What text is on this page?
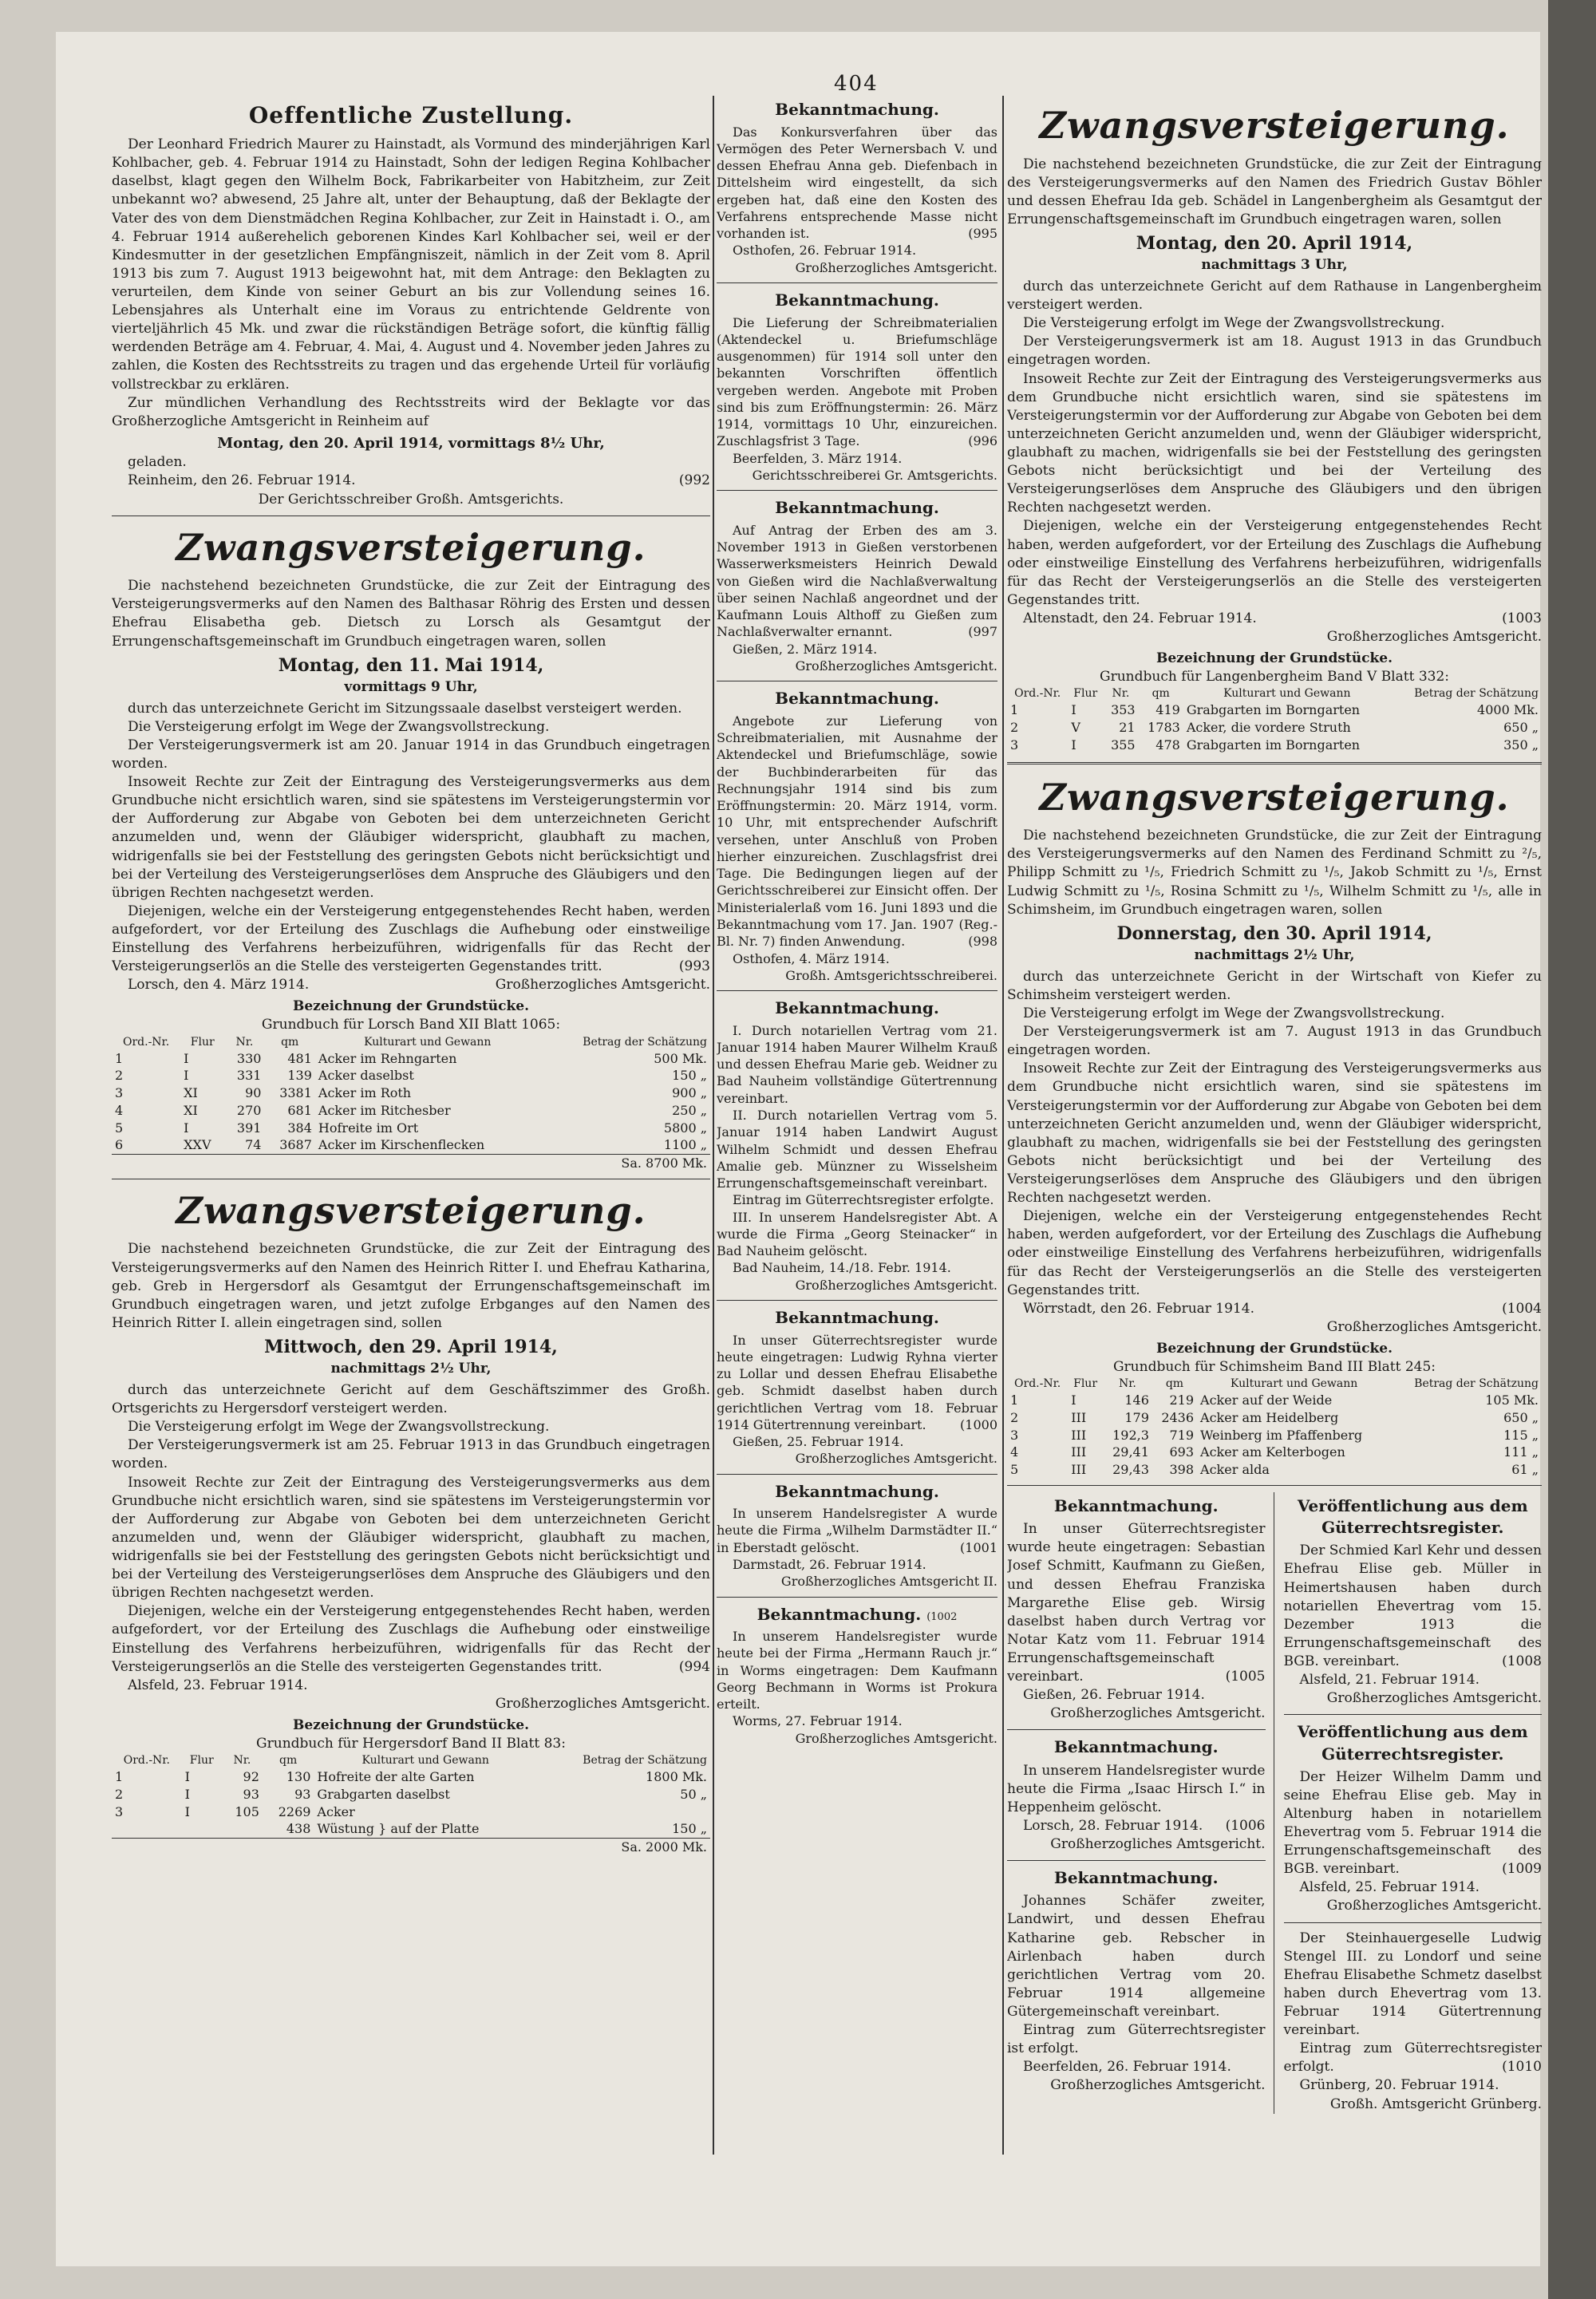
404
Oeffentliche Zustellung.

Der Leonhard Friedrich Maurer zu Hainstadt, als Vormund des minderjährigen Karl Kohlbacher, geb. 4. Februar 1914 zu Hainstadt, Sohn der ledigen Regina Kohlbacher daselbst, klagt gegen den Wilhelm Bock, Fabrikarbeiter von Habitzheim, zur Zeit unbekannt wo? abwesend, 25 Jahre alt, unter der Behauptung, daß der Beklagte der Vater des von dem Dienstmädchen Regina Kohlbacher, zur Zeit in Hainstadt i. O., am 4. Februar 1914 außerehelich geborenen Kindes Karl Kohlbacher sei, weil er der Kindesmutter in der gesetzlichen Empfängniszeit, nämlich in der Zeit vom 8. April 1913 bis zum 7. August 1913 beigewohnt hat, mit dem Antrage: den Beklagten zu verurteilen, dem Kinde von seiner Geburt an bis zur Vollendung seines 16. Lebensjahres als Unterhalt eine im Voraus zu entrichtende Geldrente von vierteljährlich 45 Mk. und zwar die rückständigen Beträge sofort, die künftig fällig werdenden Beträge am 4. Februar, 4. Mai, 4. August und 4. November jeden Jahres zu zahlen, die Kosten des Rechtsstreits zu tragen und das ergehende Urteil für vorläufig vollstreckbar zu erklären.

Zur mündlichen Verhandlung des Rechtsstreits wird der Beklagte vor das Großherzogliche Amtsgericht in Reinheim auf

Montag, den 20. April 1914, vormittags 8½ Uhr,

geladen.

Reinheim, den 26. Februar 1914.	(992

Der Gerichtsschreiber Großh. Amtsgerichts.

Zwangsversteigerung.

Die nachstehend bezeichneten Grundstücke, die zur Zeit der Eintragung des Versteigerungsvermerks auf den Namen des Balthasar Röhrig des Ersten und dessen Ehefrau Elisabetha geb. Dietsch zu Lorsch als Gesamtgut der Errungenschaftsgemeinschaft im Grundbuch eingetragen waren, sollen

Montag, den 11. Mai 1914,

vormittags 9 Uhr,

durch das unterzeichnete Gericht im Sitzungssaale daselbst versteigert werden.

Die Versteigerung erfolgt im Wege der Zwangsvollstreckung.

Der Versteigerungsvermerk ist am 20. Januar 1914 in das Grundbuch eingetragen worden.

Insoweit Rechte zur Zeit der Eintragung des Versteigerungsvermerks aus dem Grundbuche nicht ersichtlich waren, sind sie spätestens im Versteigerungstermin vor der Aufforderung zur Abgabe von Geboten bei dem unterzeichneten Gericht anzumelden und, wenn der Gläubiger widerspricht, glaubhaft zu machen, widrigenfalls sie bei der Feststellung des geringsten Gebots nicht berücksichtigt und bei der Verteilung des Versteigerungserlöses dem Anspruche des Gläubigers und den übrigen Rechten nachgesetzt werden.

Diejenigen, welche ein der Versteigerung entgegenstehendes Recht haben, werden aufgefordert, vor der Erteilung des Zuschlags die Aufhebung oder einstweilige Einstellung des Verfahrens herbeizuführen, widrigenfalls für das Recht der Versteigerungserlös an die Stelle des versteigerten Gegenstandes tritt.	(993

Lorsch, den 4. März 1914.	Großherzogliches Amtsgericht.

Bezeichnung der Grundstücke.

Grundbuch für Lorsch Band XII Blatt 1065:

Ord.-Nr.	Flur	Nr.	qm	Kulturart und Gewann	Betrag der Schätzung
1	I	330	481	Acker im Rehngarten	500 Mk.
2	I	331	139	Acker daselbst	150 „
3	XI	90	3381	Acker im Roth	900 „
4	XI	270	681	Acker im Ritchesber	250 „
5	I	391	384	Hofreite im Ort	5800 „
6	XXV	74	3687	Acker im Kirschenflecken	1100 „
					Sa. 8700 Mk.
Zwangsversteigerung.

Die nachstehend bezeichneten Grundstücke, die zur Zeit der Eintragung des Versteigerungsvermerks auf den Namen des Heinrich Ritter I. und Ehefrau Katharina, geb. Greb in Hergersdorf als Gesamtgut der Errungenschaftsgemeinschaft im Grundbuch eingetragen waren, und jetzt zufolge Erbganges auf den Namen des Heinrich Ritter I. allein eingetragen sind, sollen

Mittwoch, den 29. April 1914,

nachmittags 2½ Uhr,

durch das unterzeichnete Gericht auf dem Geschäftszimmer des Großh. Ortsgerichts zu Hergersdorf versteigert werden.

Die Versteigerung erfolgt im Wege der Zwangsvollstreckung.

Der Versteigerungsvermerk ist am 25. Februar 1913 in das Grundbuch eingetragen worden.

Insoweit Rechte zur Zeit der Eintragung des Versteigerungsvermerks aus dem Grundbuche nicht ersichtlich waren, sind sie spätestens im Versteigerungstermin vor der Aufforderung zur Abgabe von Geboten bei dem unterzeichneten Gericht anzumelden und, wenn der Gläubiger widerspricht, glaubhaft zu machen, widrigenfalls sie bei der Feststellung des geringsten Gebots nicht berücksichtigt und bei der Verteilung des Versteigerungserlöses dem Anspruche des Gläubigers und den übrigen Rechten nachgesetzt werden.

Diejenigen, welche ein der Versteigerung entgegenstehendes Recht haben, werden aufgefordert, vor der Erteilung des Zuschlags die Aufhebung oder einstweilige Einstellung des Verfahrens herbeizuführen, widrigenfalls für das Recht der Versteigerungserlös an die Stelle des versteigerten Gegenstandes tritt.	(994

Alsfeld, 23. Februar 1914.

Großherzogliches Amtsgericht.

Bezeichnung der Grundstücke.

Grundbuch für Hergersdorf Band II Blatt 83:

Ord.-Nr.	Flur	Nr.	qm	Kulturart und Gewann	Betrag der Schätzung
1	I	92	130	Hofreite der alte Garten	1800 Mk.
2	I	93	93	Grabgarten daselbst	50 „
3	I	105	2269	Acker	
			438	Wüstung } auf der Platte	150 „
					Sa. 2000 Mk.
Bekanntmachung.

Das Konkursverfahren über das Vermögen des Peter Wernersbach V. und dessen Ehefrau Anna geb. Diefenbach in Dittelsheim wird eingestellt, da sich ergeben hat, daß eine den Kosten des Verfahrens entsprechende Masse nicht vorhanden ist.	(995

Osthofen, 26. Februar 1914.

Großherzogliches Amtsgericht.

Bekanntmachung.

Die Lieferung der Schreibmaterialien (Aktendeckel u. Briefumschläge ausgenommen) für 1914 soll unter den bekannten Vorschriften öffentlich vergeben werden. Angebote mit Proben sind bis zum Eröffnungstermin: 26. März 1914, vormittags 10 Uhr, einzureichen. Zuschlagsfrist 3 Tage.	(996

Beerfelden, 3. März 1914.

Gerichtsschreiberei Gr. Amtsgerichts.

Bekanntmachung.

Auf Antrag der Erben des am 3. November 1913 in Gießen verstorbenen Wasserwerksmeisters Heinrich Dewald von Gießen wird die Nachlaßverwaltung über seinen Nachlaß angeordnet und der Kaufmann Louis Althoff zu Gießen zum Nachlaßverwalter ernannt.	(997

Gießen, 2. März 1914.

Großherzogliches Amtsgericht.

Bekanntmachung.

Angebote zur Lieferung von Schreibmaterialien, mit Ausnahme der Aktendeckel und Briefumschläge, sowie der Buchbinderarbeiten für das Rechnungsjahr 1914 sind bis zum Eröffnungstermin: 20. März 1914, vorm. 10 Uhr, mit entsprechender Aufschrift versehen, unter Anschluß von Proben hierher einzureichen. Zuschlagsfrist drei Tage. Die Bedingungen liegen auf der Gerichtsschreiberei zur Einsicht offen. Der Ministerialerlaß vom 16. Juni 1893 und die Bekanntmachung vom 17. Jan. 1907 (Reg.-Bl. Nr. 7) finden Anwendung.	(998

Osthofen, 4. März 1914.

Großh. Amtsgerichtsschreiberei.

Bekanntmachung.

I. Durch notariellen Vertrag vom 21. Januar 1914 haben Maurer Wilhelm Krauß und dessen Ehefrau Marie geb. Weidner zu Bad Nauheim vollständige Gütertrennung vereinbart.

II. Durch notariellen Vertrag vom 5. Januar 1914 haben Landwirt August Wilhelm Schmidt und dessen Ehefrau Amalie geb. Münzner zu Wisselsheim Errungenschaftsgemeinschaft vereinbart.

Eintrag im Güterrechtsregister erfolgte.

III. In unserem Handelsregister Abt. A wurde die Firma „Georg Steinacker“ in Bad Nauheim gelöscht.

Bad Nauheim, 14./18. Febr. 1914.

Großherzogliches Amtsgericht.

Bekanntmachung.

In unser Güterrechtsregister wurde heute eingetragen: Ludwig Ryhna vierter zu Lollar und dessen Ehefrau Elisabethe geb. Schmidt daselbst haben durch gerichtlichen Vertrag vom 18. Februar 1914 Gütertrennung vereinbart.	(1000

Gießen, 25. Februar 1914.

Großherzogliches Amtsgericht.

Bekanntmachung.

In unserem Handelsregister A wurde heute die Firma „Wilhelm Darmstädter II.“ in Eberstadt gelöscht.	(1001

Darmstadt, 26. Februar 1914.

Großherzogliches Amtsgericht II.

Bekanntmachung. (1002

In unserem Handelsregister wurde heute bei der Firma „Hermann Rauch jr.“ in Worms eingetragen: Dem Kaufmann Georg Bechmann in Worms ist Prokura erteilt.

Worms, 27. Februar 1914.

Großherzogliches Amtsgericht.

Zwangsversteigerung.

Die nachstehend bezeichneten Grundstücke, die zur Zeit der Eintragung des Versteigerungsvermerks auf den Namen des Friedrich Gustav Böhler und dessen Ehefrau Ida geb. Schädel in Langenbergheim als Gesamtgut der Errungenschaftsgemeinschaft im Grundbuch eingetragen waren, sollen

Montag, den 20. April 1914,

nachmittags 3 Uhr,

durch das unterzeichnete Gericht auf dem Rathause in Langenbergheim versteigert werden.

Die Versteigerung erfolgt im Wege der Zwangsvollstreckung.

Der Versteigerungsvermerk ist am 18. August 1913 in das Grundbuch eingetragen worden.

Insoweit Rechte zur Zeit der Eintragung des Versteigerungsvermerks aus dem Grundbuche nicht ersichtlich waren, sind sie spätestens im Versteigerungstermin vor der Aufforderung zur Abgabe von Geboten bei dem unterzeichneten Gericht anzumelden und, wenn der Gläubiger widerspricht, glaubhaft zu machen, widrigenfalls sie bei der Feststellung des geringsten Gebots nicht berücksichtigt und bei der Verteilung des Versteigerungserlöses dem Anspruche des Gläubigers und den übrigen Rechten nachgesetzt werden.

Diejenigen, welche ein der Versteigerung entgegenstehendes Recht haben, werden aufgefordert, vor der Erteilung des Zuschlags die Aufhebung oder einstweilige Einstellung des Verfahrens herbeizuführen, widrigenfalls für das Recht der Versteigerungserlös an die Stelle des versteigerten Gegenstandes tritt.

Altenstadt, den 24. Februar 1914.	(1003

Großherzogliches Amtsgericht.

Bezeichnung der Grundstücke.

Grundbuch für Langenbergheim Band V Blatt 332:

Ord.-Nr.	Flur	Nr.	qm	Kulturart und Gewann	Betrag der Schätzung
1	I	353	419	Grabgarten im Borngarten	4000 Mk.
2	V	21	1783	Acker, die vordere Struth	650 „
3	I	355	478	Grabgarten im Borngarten	350 „
Zwangsversteigerung.

Die nachstehend bezeichneten Grundstücke, die zur Zeit der Eintragung des Versteigerungsvermerks auf den Namen des Ferdinand Schmitt zu ²/₅, Philipp Schmitt zu ¹/₅, Friedrich Schmitt zu ¹/₅, Jakob Schmitt zu ¹/₅, Ernst Ludwig Schmitt zu ¹/₅, Rosina Schmitt zu ¹/₅, Wilhelm Schmitt zu ¹/₅, alle in Schimsheim, im Grundbuch eingetragen waren, sollen

Donnerstag, den 30. April 1914,

nachmittags 2½ Uhr,

durch das unterzeichnete Gericht in der Wirtschaft von Kiefer zu Schimsheim versteigert werden.

Die Versteigerung erfolgt im Wege der Zwangsvollstreckung.

Der Versteigerungsvermerk ist am 7. August 1913 in das Grundbuch eingetragen worden.

Insoweit Rechte zur Zeit der Eintragung des Versteigerungsvermerks aus dem Grundbuche nicht ersichtlich waren, sind sie spätestens im Versteigerungstermin vor der Aufforderung zur Abgabe von Geboten bei dem unterzeichneten Gericht anzumelden und, wenn der Gläubiger widerspricht, glaubhaft zu machen, widrigenfalls sie bei der Feststellung des geringsten Gebots nicht berücksichtigt und bei der Verteilung des Versteigerungserlöses dem Anspruche des Gläubigers und den übrigen Rechten nachgesetzt werden.

Diejenigen, welche ein der Versteigerung entgegenstehendes Recht haben, werden aufgefordert, vor der Erteilung des Zuschlags die Aufhebung oder einstweilige Einstellung des Verfahrens herbeizuführen, widrigenfalls für das Recht der Versteigerungserlös an die Stelle des versteigerten Gegenstandes tritt.

Wörrstadt, den 26. Februar 1914.	(1004

Großherzogliches Amtsgericht.

Bezeichnung der Grundstücke.

Grundbuch für Schimsheim Band III Blatt 245:

Ord.-Nr.	Flur	Nr.	qm	Kulturart und Gewann	Betrag der Schätzung
1	I	146	219	Acker auf der Weide	105 Mk.
2	III	179	2436	Acker am Heidelberg	650 „
3	III	192,3	719	Weinberg im Pfaffenberg	115 „
4	III	29,41	693	Acker am Kelterbogen	111 „
5	III	29,43	398	Acker alda	61 „
Bekanntmachung.

In unser Güterrechtsregister wurde heute eingetragen: Sebastian Josef Schmitt, Kaufmann zu Gießen, und dessen Ehefrau Franziska Margarethe Elise geb. Wirsig daselbst haben durch Vertrag vor Notar Katz vom 11. Februar 1914 Errungenschaftsgemeinschaft vereinbart.	(1005

Gießen, 26. Februar 1914.

Großherzogliches Amtsgericht.

Bekanntmachung.

In unserem Handelsregister wurde heute die Firma „Isaac Hirsch I.“ in Heppenheim gelöscht.

Lorsch, 28. Februar 1914.	(1006

Großherzogliches Amtsgericht.

Bekanntmachung.

Johannes Schäfer zweiter, Landwirt, und dessen Ehefrau Katharine geb. Rebscher in Airlenbach haben durch gerichtlichen Vertrag vom 20. Februar 1914 allgemeine Gütergemeinschaft vereinbart.

Eintrag zum Güterrechtsregister ist erfolgt.

Beerfelden, 26. Februar 1914.

Großherzogliches Amtsgericht.

Veröffentlichung aus dem Güterrechtsregister.

Der Schmied Karl Kehr und dessen Ehefrau Elise geb. Müller in Heimertshausen haben durch notariellen Ehevertrag vom 15. Dezember 1913 die Errungenschaftsgemeinschaft des BGB. vereinbart.	(1008

Alsfeld, 21. Februar 1914.

Großherzogliches Amtsgericht.

Veröffentlichung aus dem Güterrechtsregister.

Der Heizer Wilhelm Damm und seine Ehefrau Elise geb. May in Altenburg haben in notariellem Ehevertrag vom 5. Februar 1914 die Errungenschaftsgemeinschaft des BGB. vereinbart.	(1009

Alsfeld, 25. Februar 1914.

Großherzogliches Amtsgericht.

Der Steinhauergeselle Ludwig Stengel III. zu Londorf und seine Ehefrau Elisabethe Schmetz daselbst haben durch Ehevertrag vom 13. Februar 1914 Gütertrennung vereinbart.

Eintrag zum Güterrechtsregister erfolgt.	(1010

Grünberg, 20. Februar 1914.

Großh. Amtsgericht Grünberg.
